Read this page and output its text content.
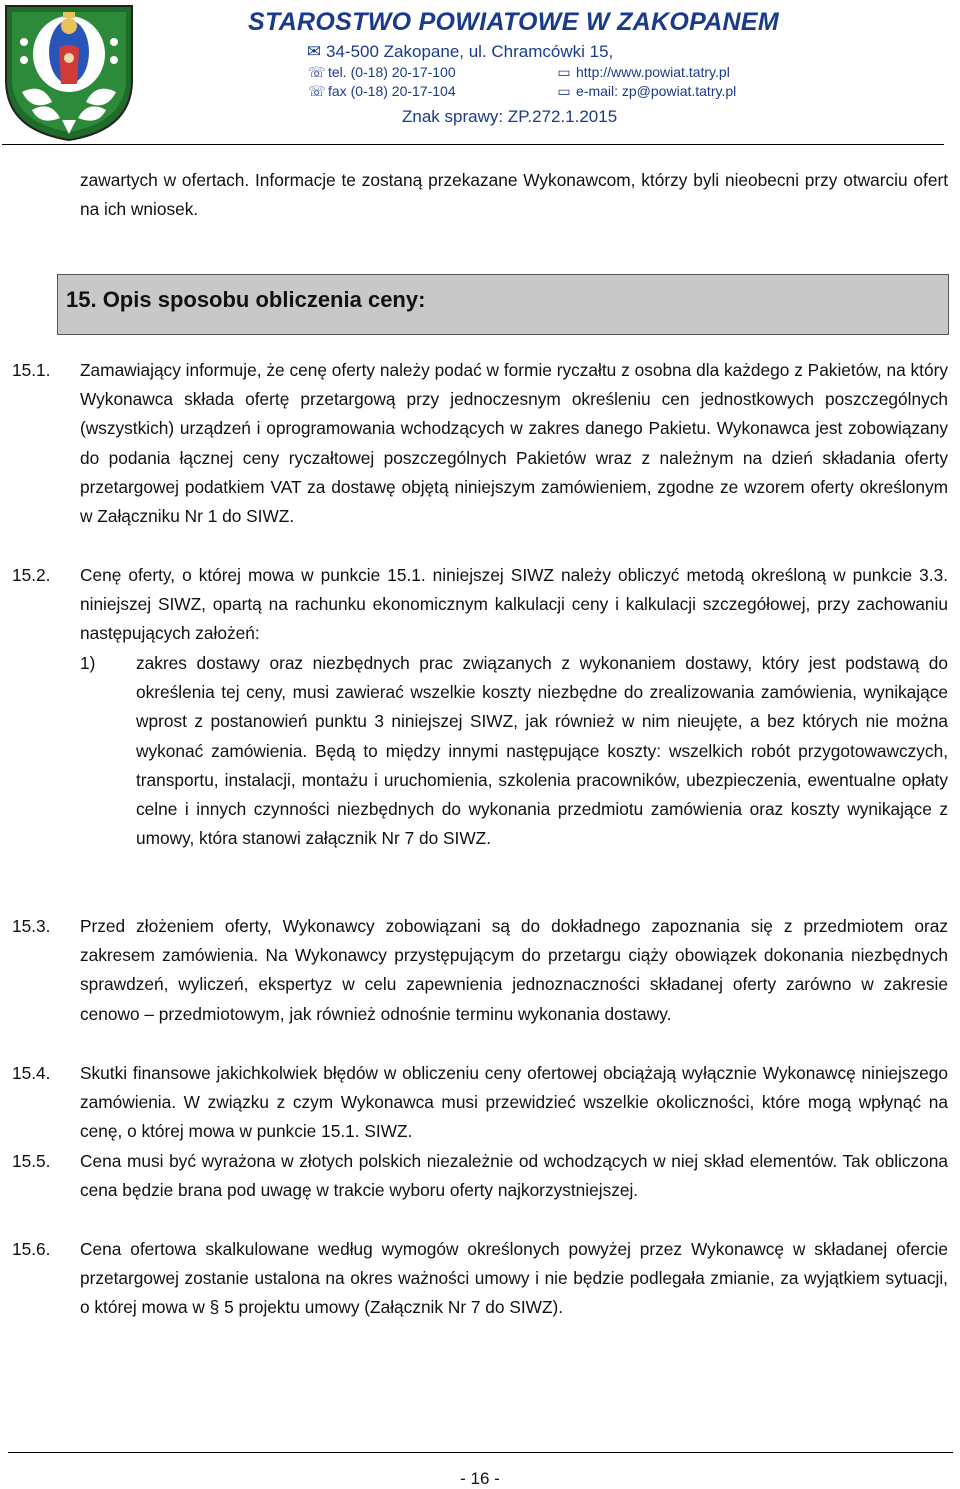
STAROSTWO POWIATOWE W ZAKOPANEM
✉ 34-500 Zakopane, ul. Chramcówki 15,
☏ tel. (0-18) 20-17-100
☏ fax (0-18) 20-17-104
▭ http://www.powiat.tatry.pl
▭ e-mail: zp@powiat.tatry.pl
Znak sprawy: ZP.272.1.2015
zawartych w ofertach. Informacje te zostaną przekazane Wykonawcom, którzy byli nieobecni przy otwarciu ofert na ich wniosek.
15. Opis sposobu obliczenia ceny:
15.1. Zamawiający informuje, że cenę oferty należy podać w formie ryczałtu z osobna dla każdego z Pakietów, na który Wykonawca składa ofertę przetargową przy jednoczesnym określeniu cen jednostkowych poszczególnych (wszystkich) urządzeń i oprogramowania wchodzących w zakres danego Pakietu. Wykonawca jest zobowiązany do podania łącznej ceny ryczałtowej poszczególnych Pakietów wraz z należnym na dzień składania oferty przetargowej podatkiem VAT za dostawę objętą niniejszym zamówieniem, zgodne ze wzorem oferty określonym w Załączniku Nr 1 do SIWZ.
15.2. Cenę oferty, o której mowa w punkcie 15.1. niniejszej SIWZ należy obliczyć metodą określoną w punkcie 3.3. niniejszej SIWZ, opartą na rachunku ekonomicznym kalkulacji ceny i kalkulacji szczegółowej, przy zachowaniu następujących założeń:
1) zakres dostawy oraz niezbędnych prac związanych z wykonaniem dostawy, który jest podstawą do określenia tej ceny, musi zawierać wszelkie koszty niezbędne do zrealizowania zamówienia, wynikające wprost z postanowień punktu 3 niniejszej SIWZ, jak również w nim nieujęte, a bez których nie można wykonać zamówienia. Będą to między innymi następujące koszty: wszelkich robót przygotowawczych, transportu, instalacji, montażu i uruchomienia, szkolenia pracowników, ubezpieczenia, ewentualne opłaty celne i innych czynności niezbędnych do wykonania przedmiotu zamówienia oraz koszty wynikające z umowy, która stanowi załącznik Nr 7 do SIWZ.
15.3. Przed złożeniem oferty, Wykonawcy zobowiązani są do dokładnego zapoznania się z przedmiotem oraz zakresem zamówienia. Na Wykonawcy przystępującym do przetargu ciąży obowiązek dokonania niezbędnych sprawdzeń, wyliczeń, ekspertyz w celu zapewnienia jednoznaczności składanej oferty zarówno w zakresie cenowo – przedmiotowym, jak również odnośnie terminu wykonania dostawy.
15.4. Skutki finansowe jakichkolwiek błędów w obliczeniu ceny ofertowej obciążają wyłącznie Wykonawcę niniejszego zamówienia. W związku z czym Wykonawca musi przewidzieć wszelkie okoliczności, które mogą wpłynąć na cenę, o której mowa w punkcie 15.1. SIWZ.
15.5. Cena musi być wyrażona w złotych polskich niezależnie od wchodzących w niej skład elementów. Tak obliczona cena będzie brana pod uwagę w trakcie wyboru oferty najkorzystniejszej.
15.6. Cena ofertowa skalkulowane według wymogów określonych powyżej przez Wykonawcę w składanej ofercie przetargowej zostanie ustalona na okres ważności umowy i nie będzie podlegała zmianie, za wyjątkiem sytuacji, o której mowa w § 5 projektu umowy (Załącznik Nr 7 do SIWZ).
- 16 -
